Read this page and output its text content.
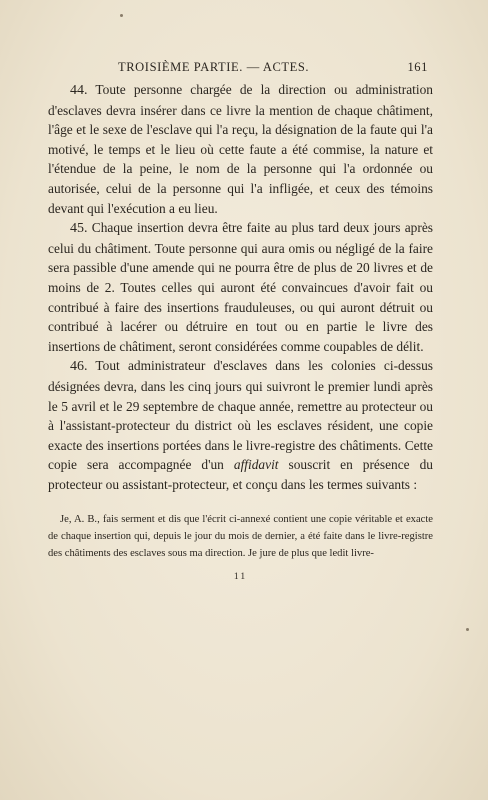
TROISIÈME PARTIE. — ACTES.	161

44. Toute personne chargée de la direction ou administration d'esclaves devra insérer dans ce livre la mention de chaque châtiment, l'âge et le sexe de l'esclave qui l'a reçu, la désignation de la faute qui l'a motivé, le temps et le lieu où cette faute a été commise, la nature et l'étendue de la peine, le nom de la personne qui l'a ordonnée ou autorisée, celui de la personne qui l'a infligée, et ceux des témoins devant qui l'exécution a eu lieu.

45. Chaque insertion devra être faite au plus tard deux jours après celui du châtiment. Toute personne qui aura omis ou négligé de la faire sera passible d'une amende qui ne pourra être de plus de 20 livres et de moins de 2. Toutes celles qui auront été convaincues d'avoir fait ou contribué à faire des insertions frauduleuses, ou qui auront détruit ou contribué à lacérer ou détruire en tout ou en partie le livre des insertions de châtiment, seront considérées comme coupables de délit.

46. Tout administrateur d'esclaves dans les colonies ci-dessus désignées devra, dans les cinq jours qui suivront le premier lundi après le 5 avril et le 29 septembre de chaque année, remettre au protecteur ou à l'assistant-protecteur du district où les esclaves résident, une copie exacte des insertions portées dans le livre-registre des châtiments. Cette copie sera accompagnée d'un affidavit souscrit en présence du protecteur ou assistant-protecteur, et conçu dans les termes suivants :

Je, A. B., fais serment et dis que l'écrit ci-annexé contient une copie véritable et exacte de chaque insertion qui, depuis le jour du mois de dernier, a été faite dans le livre-registre des châtiments des esclaves sous ma direction. Je jure de plus que ledit livre-

11
